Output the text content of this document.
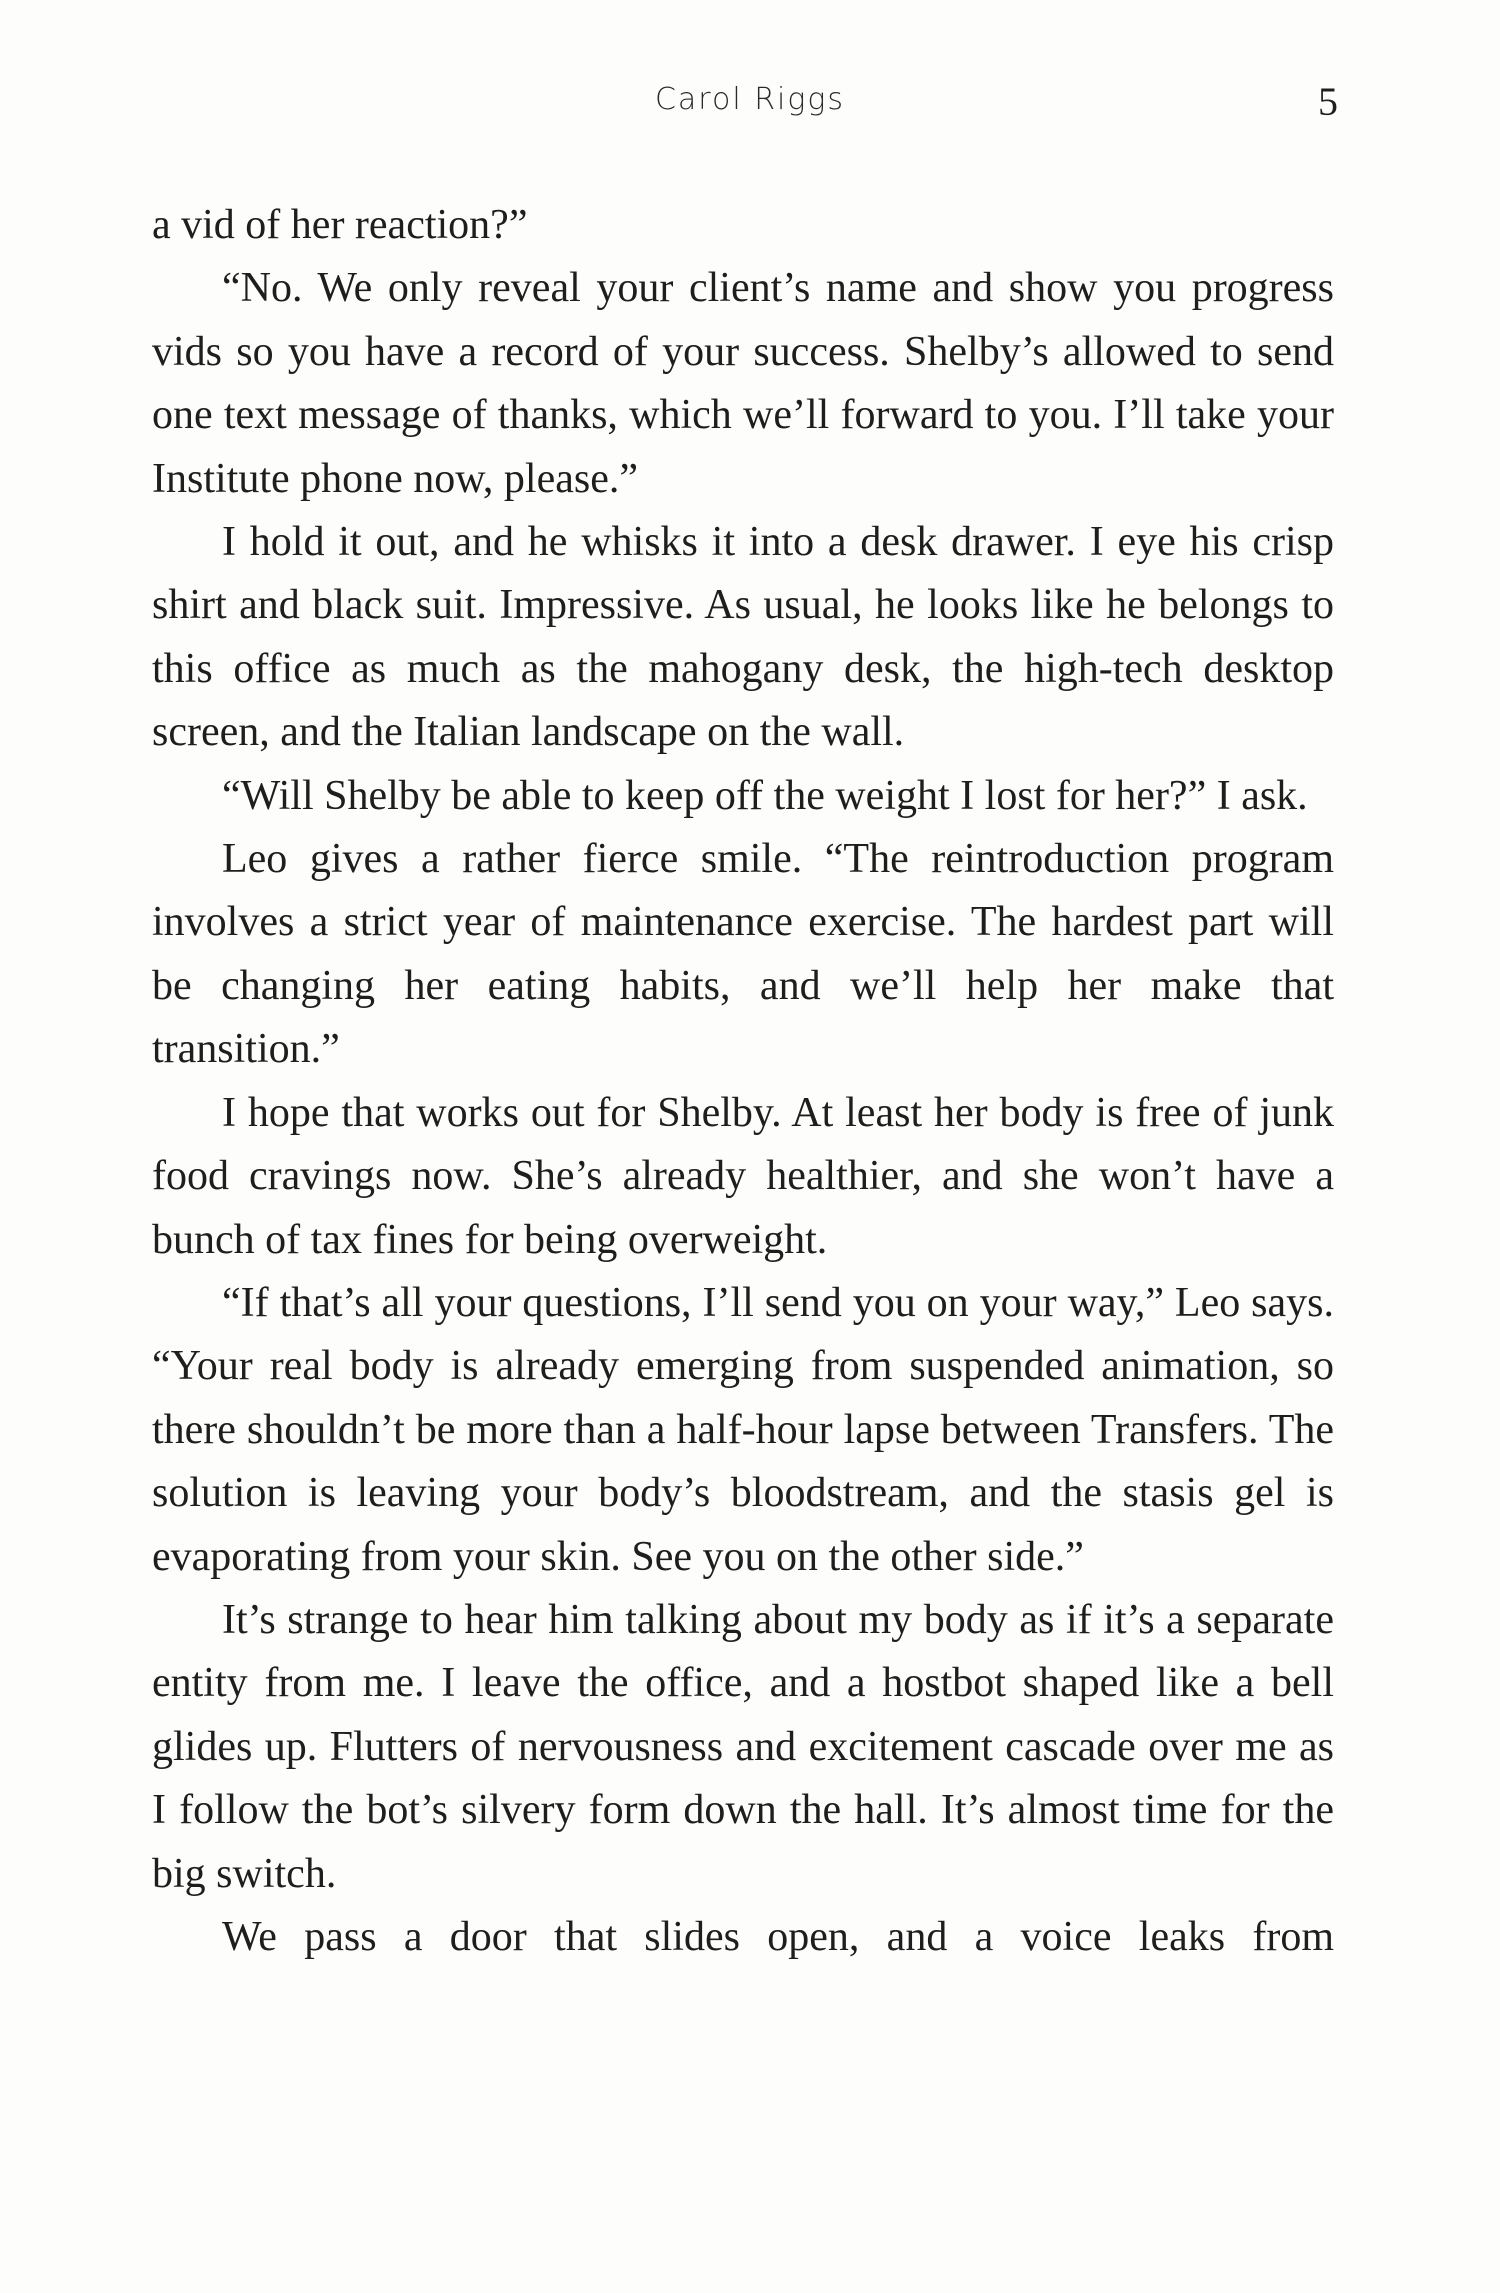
Carol Riggs	5

a vid of her reaction?”

“No. We only reveal your client’s name and show you progress vids so you have a record of your success. Shelby’s allowed to send one text message of thanks, which we’ll forward to you. I’ll take your Institute phone now, please.”

I hold it out, and he whisks it into a desk drawer. I eye his crisp shirt and black suit. Impressive. As usual, he looks like he belongs to this office as much as the mahogany desk, the high-tech desktop screen, and the Italian landscape on the wall.

“Will Shelby be able to keep off the weight I lost for her?” I ask.

Leo gives a rather fierce smile. “The reintroduction program involves a strict year of maintenance exercise. The hardest part will be changing her eating habits, and we’ll help her make that transition.”

I hope that works out for Shelby. At least her body is free of junk food cravings now. She’s already healthier, and she won’t have a bunch of tax fines for being overweight.

“If that’s all your questions, I’ll send you on your way,” Leo says. “Your real body is already emerging from suspended animation, so there shouldn’t be more than a half-hour lapse between Transfers. The solution is leaving your body’s bloodstream, and the stasis gel is evaporating from your skin. See you on the other side.”

It’s strange to hear him talking about my body as if it’s a separate entity from me. I leave the office, and a hostbot shaped like a bell glides up. Flutters of nervousness and excitement cascade over me as I follow the bot’s silvery form down the hall. It’s almost time for the big switch.

We pass a door that slides open, and a voice leaks from
